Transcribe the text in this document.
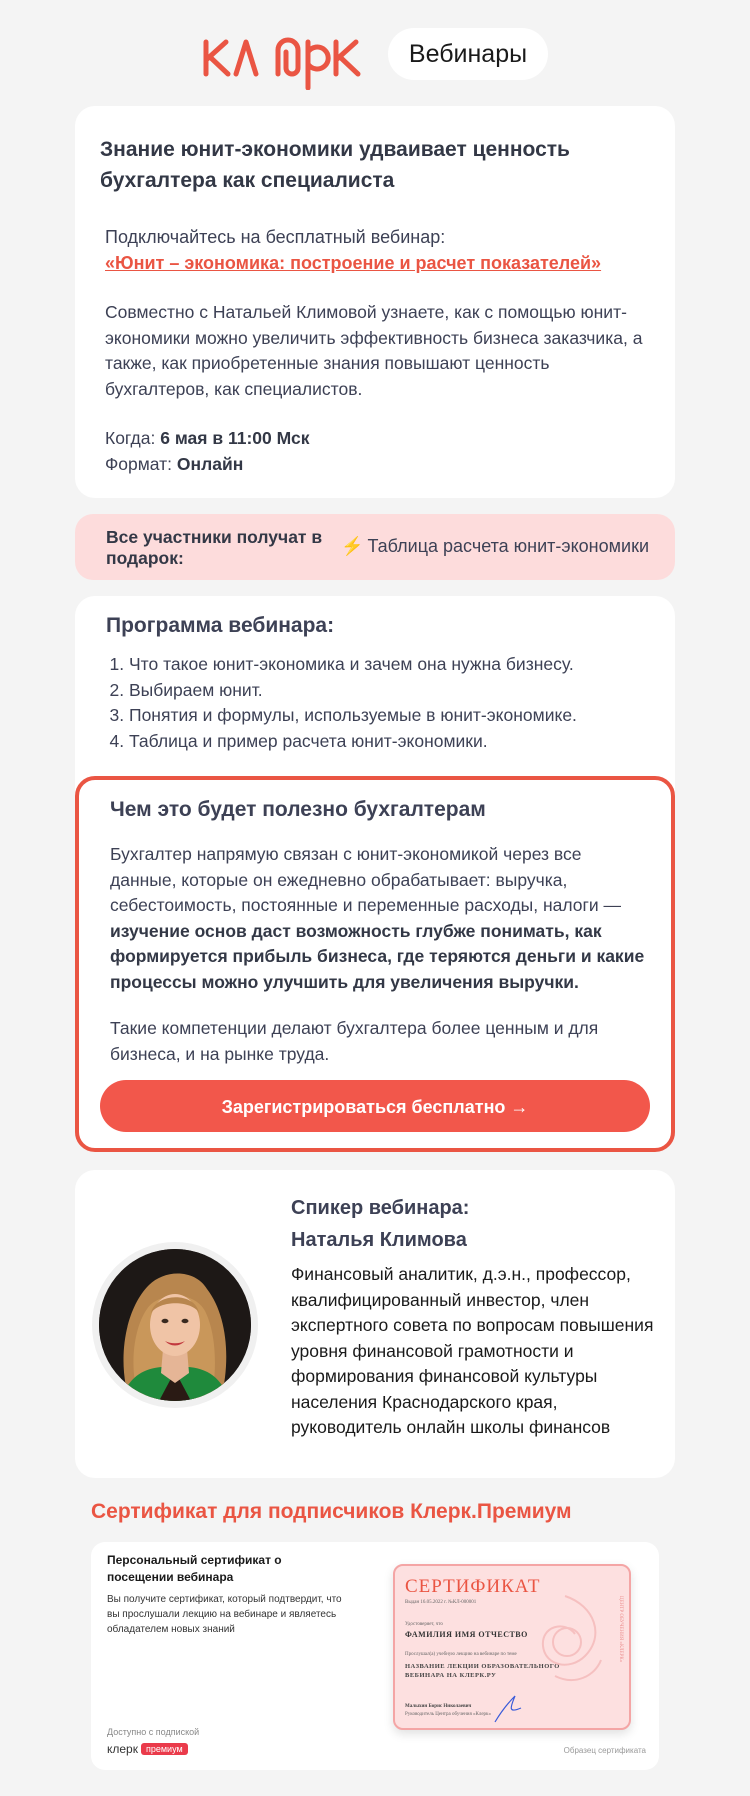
Вебинары
Знание юнит-экономики удваивает ценность бухгалтера как специалиста
Подключайтесь на бесплатный вебинар:
«Юнит – экономика: построение и расчет показателей»
Совместно с Натальей Климовой узнаете, как с помощью юнит-экономики можно увеличить эффективность бизнеса заказчика, а также, как приобретенные знания повышают ценность бухгалтеров, как специалистов.
Когда: 6 мая в 11:00 Мск
Формат: Онлайн
Все участники получат в подарок:
⚡ Таблица расчета юнит-экономики
Программа вебинара:
1. Что такое юнит-экономика и зачем она нужна бизнесу.
2. Выбираем юнит.
3. Понятия и формулы, используемые в юнит-экономике.
4. Таблица и пример расчета юнит-экономики.
Чем это будет полезно бухгалтерам
Бухгалтер напрямую связан с юнит-экономикой через все данные, которые он ежедневно обрабатывает: выручка, себестоимость, постоянные и переменные расходы, налоги — изучение основ даст возможность глубже понимать, как формируется прибыль бизнеса, где теряются деньги и какие процессы можно улучшить для увеличения выручки.
Такие компетенции делают бухгалтера более ценным и для бизнеса, и на рынке труда.
Зарегистрироваться бесплатно →
Спикер вебинара:
Наталья Климова
Финансовый аналитик, д.э.н., профессор, квалифицированный инвестор, член экспертного совета по вопросам повышения уровня финансовой грамотности и формирования финансовой культуры населения Краснодарского края, руководитель онлайн школы финансов
Сертификат для подписчиков Клерк.Премиум
Персональный сертификат о посещении вебинара
Вы получите сертификат, который подтвердит, что вы прослушали лекцию на вебинаре и являетесь обладателем новых знаний
Доступно с подпиской
клерк премиум	Образец сертификата
СЕРТИФИКАТ
Выдан 16.05.2022 г. №КЛ-000001
Удостоверяет, что
ФАМИЛИЯ ИМЯ ОТЧЕСТВО
Прослушал(а) учебную лекцию на вебинаре по теме
НАЗВАНИЕ ЛЕКЦИИ ОБРАЗОВАТЕЛЬНОГО ВЕБИНАРА НА КЛЕРК.РУ
Малыхин Борис Николаевич
Руководитель Центра обучения «Клерк»
ЦЕНТР ОБУЧЕНИЯ «КЛЕРК»
